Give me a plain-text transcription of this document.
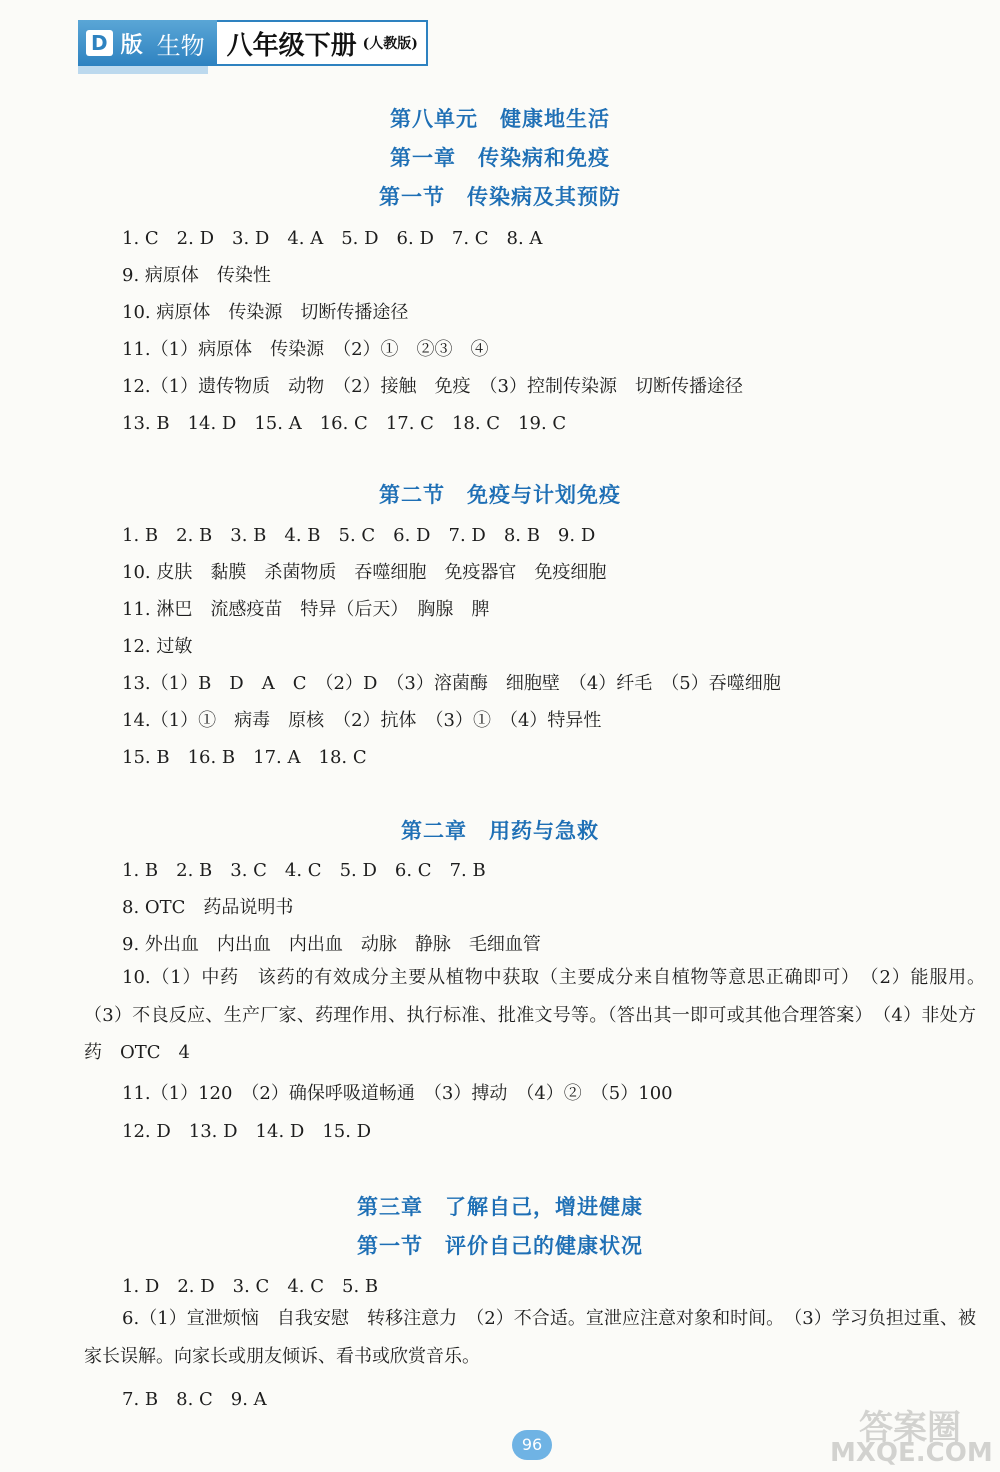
D 版 生物 八年级下册 (人教版)
第八单元　健康地生活
第一章　传染病和免疫
第一节　传染病及其预防
1. C　2. D　3. D　4. A　5. D　6. D　7. C　8. A
9. 病原体　传染性
10. 病原体　传染源　切断传播途径
11.（1）病原体　传染源　（2）①　②③　④
12.（1）遗传物质　动物　（2）接触　免疫　（3）控制传染源　切断传播途径
13. B　14. D　15. A　16. C　17. C　18. C　19. C
第二节　免疫与计划免疫
1. B　2. B　3. B　4. B　5. C　6. D　7. D　8. B　9. D
10. 皮肤　黏膜　杀菌物质　吞噬细胞　免疫器官　免疫细胞
11. 淋巴　流感疫苗　特异（后天）　胸腺　脾
12. 过敏
13.（1）B　D　A　C　（2）D　（3）溶菌酶　细胞壁　（4）纤毛　（5）吞噬细胞
14.（1）①　病毒　原核　（2）抗体　（3）①　（4）特异性
15. B　16. B　17. A　18. C
第二章　用药与急救
1. B　2. B　3. C　4. C　5. D　6. C　7. B
8. OTC　药品说明书
9. 外出血　内出血　内出血　动脉　静脉　毛细血管
10.（1）中药　该药的有效成分主要从植物中获取（主要成分来自植物等意思正确即可）　（2）能服用。　（3）不良反应、生产厂家、药理作用、执行标准、批准文号等。（答出其一即可或其他合理答案）　（4）非处方药　OTC　4
11.（1）120　（2）确保呼吸道畅通　（3）搏动　（4）②　（5）100
12. D　13. D　14. D　15. D
第三章　了解自己，增进健康
第一节　评价自己的健康状况
1. D　2. D　3. C　4. C　5. B
6.（1）宣泄烦恼　自我安慰　转移注意力　（2）不合适。宣泄应注意对象和时间。　（3）学习负担过重、被家长误解。向家长或朋友倾诉、看书或欣赏音乐。
7. B　8. C　9. A
96	答案圈
MXQE.COM
